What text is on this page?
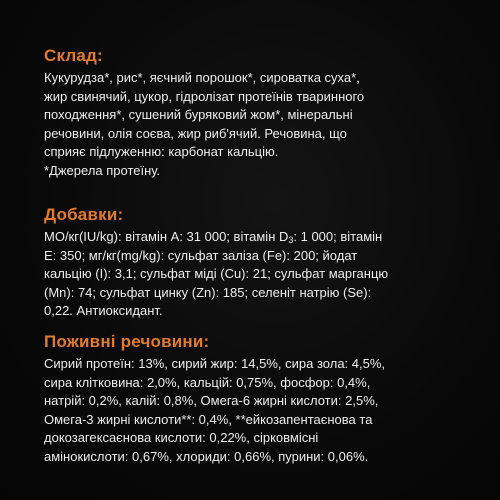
Склад:
Кукурудза*, рис*, яєчний порошок*, сироватка суха*,
жир свинячий, цукор, гідролізат протеїнів тваринного
походження*, сушений буряковий жом*, мінеральні
речовини, олія соєва, жир риб'ячий. Речовина, що
сприяє підлуженню: карбонат кальцію.
*Джерела протеїну.
Добавки:
МО/кг(IU/kg): вітамін А: 31 000; вітамін $D_3$: 1 000; вітамін
Е: 350; мг/кг(mg/kg): сульфат заліза (Fe): 200; йодат
кальцію (І): 3,1; сульфат міді (Cu): 21; сульфат марганцю
(Mn): 74; сульфат цинку (Zn): 185; селеніт натрію (Se):
0,22. Антиоксидант.
Поживні речовини:
Сирий протеїн: 13%, сирий жир: 14,5%, сира зола: 4,5%,
сира клітковина: 2,0%, кальцій: 0,75%, фосфор: 0,4%,
натрій: 0,2%, калій: 0,8%, Омега-6 жирні кислоти: 2,5%,
Омега-3 жирні кислоти**: 0,4%, **ейкозапентаєнова та
докозагексаєнова кислоти: 0,22%, сірковмісні
амінокислоти: 0,67%, хлориди: 0,66%, пурини: 0,06%.
